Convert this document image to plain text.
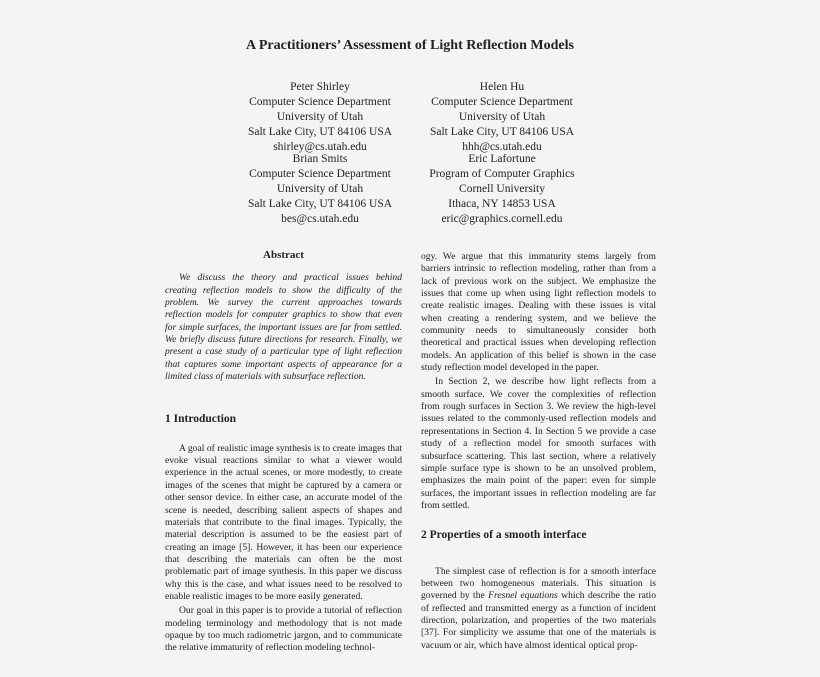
A Practitioners’ Assessment of Light Reflection Models
Peter Shirley
Computer Science Department
University of Utah
Salt Lake City, UT 84106 USA
shirley@cs.utah.edu
Helen Hu
Computer Science Department
University of Utah
Salt Lake City, UT 84106 USA
hhh@cs.utah.edu
Brian Smits
Computer Science Department
University of Utah
Salt Lake City, UT 84106 USA
bes@cs.utah.edu
Eric Lafortune
Program of Computer Graphics
Cornell University
Ithaca, NY 14853 USA
eric@graphics.cornell.edu
Abstract
We discuss the theory and practical issues behind creating reflection models to show the difficulty of the problem. We survey the current approaches towards reflection models for computer graphics to show that even for simple surfaces, the important issues are far from settled. We briefly discuss future directions for research. Finally, we present a case study of a particular type of light reflection that captures some important aspects of appearance for a limited class of materials with subsurface reflection.
1 Introduction
A goal of realistic image synthesis is to create images that evoke visual reactions similar to what a viewer would experience in the actual scenes, or more modestly, to create images of the scenes that might be captured by a camera or other sensor device. In either case, an accurate model of the scene is needed, describing salient aspects of shapes and materials that contribute to the final images. Typically, the material description is assumed to be the easiest part of creating an image [5]. However, it has been our experience that describing the materials can often be the most problematic part of image synthesis. In this paper we discuss why this is the case, and what issues need to be resolved to enable realistic images to be more easily generated.
Our goal in this paper is to provide a tutorial of reflection modeling terminology and methodology that is not made opaque by too much radiometric jargon, and to communicate the relative immaturity of reflection modeling technol-
ogy. We argue that this immaturity stems largely from barriers intrinsic to reflection modeling, rather than from a lack of previous work on the subject. We emphasize the issues that come up when using light reflection models to create realistic images. Dealing with these issues is vital when creating a rendering system, and we believe the community needs to simultaneously consider both theoretical and practical issues when developing reflection models. An application of this belief is shown in the case study reflection model developed in the paper.
In Section 2, we describe how light reflects from a smooth surface. We cover the complexities of reflection from rough surfaces in Section 3. We review the high-level issues related to the commonly-used reflection models and representations in Section 4. In Section 5 we provide a case study of a reflection model for smooth surfaces with subsurface scattering. This last section, where a relatively simple surface type is shown to be an unsolved problem, emphasizes the main point of the paper: even for simple surfaces, the important issues in reflection modeling are far from settled.
2 Properties of a smooth interface
The simplest case of reflection is for a smooth interface between two homogeneous materials. This situation is governed by the Fresnel equations which describe the ratio of reflected and transmitted energy as a function of incident direction, polarization, and properties of the two materials [37]. For simplicity we assume that one of the materials is vacuum or air, which have almost identical optical prop-
